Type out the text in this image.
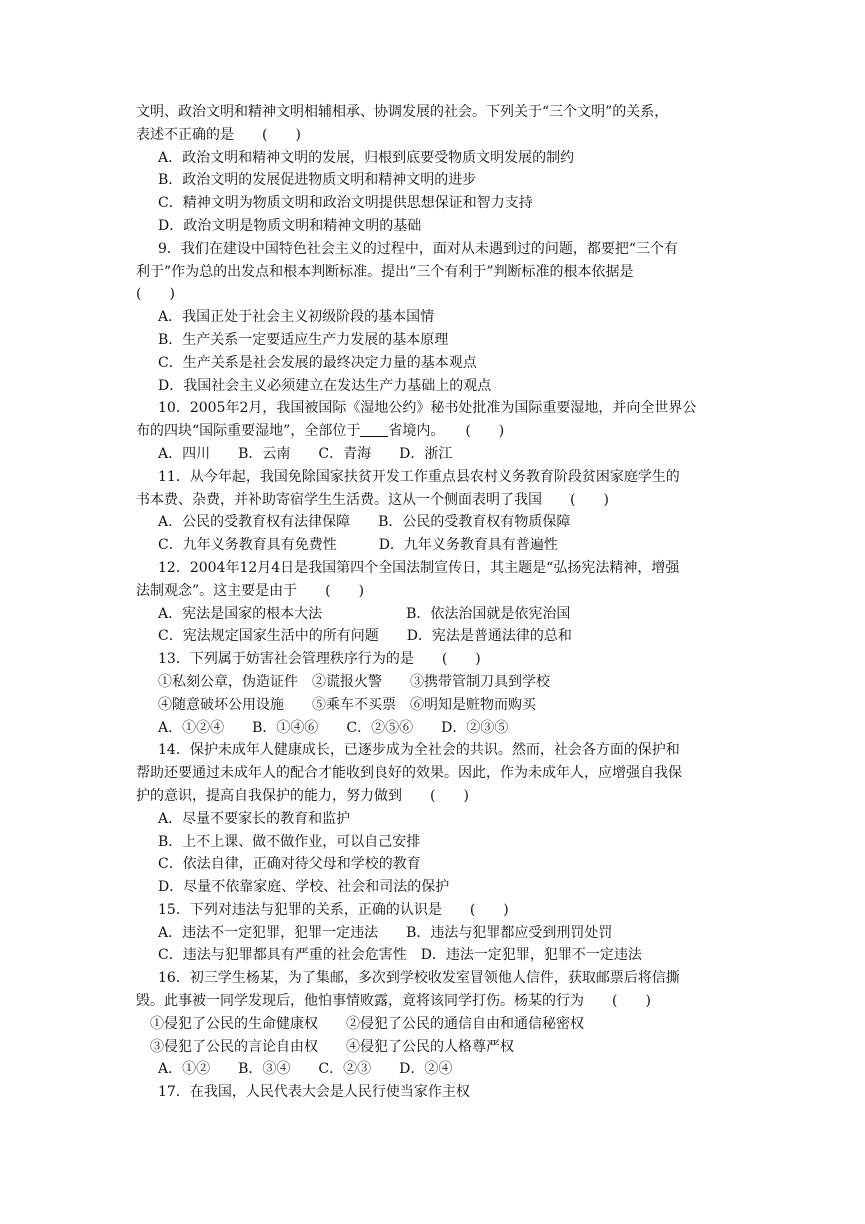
文明、政治文明和精神文明相辅相承、协调发展的社会。下列关于“三个文明”的关系，
表述不正确的是　　(　　)
A．政治文明和精神文明的发展，归根到底要受物质文明发展的制约
B．政治文明的发展促进物质文明和精神文明的进步
C．精神文明为物质文明和政治文明提供思想保证和智力支持
D．政治文明是物质文明和精神文明的基础
9．我们在建设中国特色社会主义的过程中，面对从未遇到过的问题，都要把“三个有
利于”作为总的出发点和根本判断标准。提出“三个有利于”判断标准的根本依据是
(　　)
A．我国正处于社会主义初级阶段的基本国情
B．生产关系一定要适应生产力发展的基本原理
C．生产关系是社会发展的最终决定力量的基本观点
D．我国社会主义必须建立在发达生产力基础上的观点
10．2005年2月，我国被国际《湿地公约》秘书处批准为国际重要湿地，并向全世界公
布的四块“国际重要湿地”，全部位于 省境内。　　(　　)
A．四川　　B．云南　　C．青海　　D．浙江
11．从今年起，我国免除国家扶贫开发工作重点县农村义务教育阶段贫困家庭学生的
书本费、杂费，并补助寄宿学生生活费。这从一个侧面表明了我国　　(　　)
A．公民的受教育权有法律保障　　B．公民的受教育权有物质保障
C．九年义务教育具有免费性　　　D．九年义务教育具有普遍性
12．2004年12月4日是我国第四个全国法制宣传日，其主题是“弘扬宪法精神，增强
法制观念”。这主要是由于　　(　　)
A．宪法是国家的根本大法　　　　　　B．依法治国就是依宪治国
C．宪法规定国家生活中的所有问题　　D．宪法是普通法律的总和
13．下列属于妨害社会管理秩序行为的是　　(　　)
①私刻公章，伪造证件　②谎报火警　　③携带管制刀具到学校
④随意破坏公用设施　　⑤乘车不买票　⑥明知是赃物而购买
A．①②④　　B．①④⑥　　C．②⑤⑥　　D．②③⑤
14．保护未成年人健康成长，已逐步成为全社会的共识。然而，社会各方面的保护和
帮助还要通过未成年人的配合才能收到良好的效果。因此，作为未成年人，应增强自我保
护的意识，提高自我保护的能力，努力做到　　(　　)
A．尽量不要家长的教育和监护
B．上不上课、做不做作业，可以自己安排
C．依法自律，正确对待父母和学校的教育
D．尽量不依靠家庭、学校、社会和司法的保护
15．下列对违法与犯罪的关系，正确的认识是　　(　　)
A．违法不一定犯罪，犯罪一定违法　　B．违法与犯罪都应受到刑罚处罚
C．违法与犯罪都具有严重的社会危害性　D．违法一定犯罪，犯罪不一定违法
16．初三学生杨某，为了集邮，多次到学校收发室冒领他人信件，获取邮票后将信撕
毁。此事被一同学发现后，他怕事情败露，竟将该同学打伤。杨某的行为　　(　　)
　①侵犯了公民的生命健康权　　②侵犯了公民的通信自由和通信秘密权
　③侵犯了公民的言论自由权　　④侵犯了公民的人格尊严权
A．①②　　B．③④　　C．②③　　D．②④
17．在我国，人民代表大会是人民行使当家作主权
